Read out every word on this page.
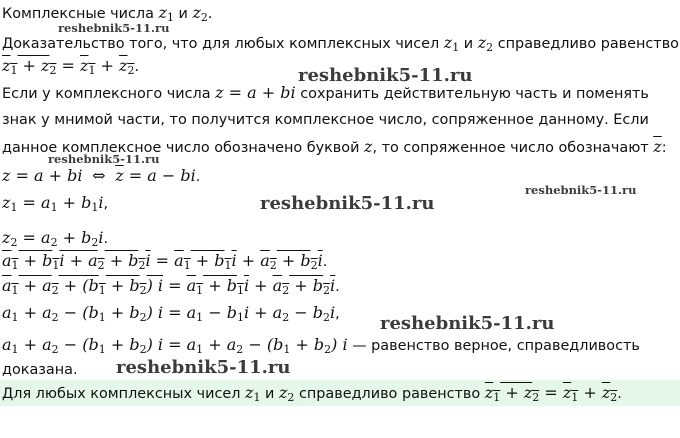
Комплексные числа $z_1$ и $z_2$.
Доказательство того, что для любых комплексных чисел $z_1$ и $z_2$ справедливо равенство
$z_1 + z_2 = z_1 + z_2$.
Если у комплексного числа z = a + bi сохранить действительную часть и поменять
знак у мнимой части, то получится комплексное число, сопряженное данному. Если
данное комплексное число обозначено буквой z, то сопряженное число обозначают $\overline{z}$:
z = a + bi  ⇔  $\overline{z} = a$ − bi.
$z_1 = a_1 + b_1i$,
$z_2 = a_2 + b_2i$.
$a_1 + b_1i + a_2 + b_2i = a_1 + b_1i + a_2 + b_2i$.
$a_1 + a_2 + (b_1 + b_2) i = a_1 + b_1i + a_2 + b_2i$.
$a_1 + a_2 - (b_1 + b_2) i = a_1 - b_1i + a_2 - b_2i$,
$a_1 + a_2 - (b_1 + b_2) i = a_1 + a_2 - (b_1 + b_2)$ i — равенство верное, справедливость
доказана.
Для любых комплексных чисел $z_1$ и $z_2$ справедливо равенство $z_1 + z_2 = z_1 + z_2$.
reshebnik5-11.ru
reshebnik5-11.ru
reshebnik5-11.ru
reshebnik5-11.ru
reshebnik5-11.ru
reshebnik5-11.ru
reshebnik5-11.ru
